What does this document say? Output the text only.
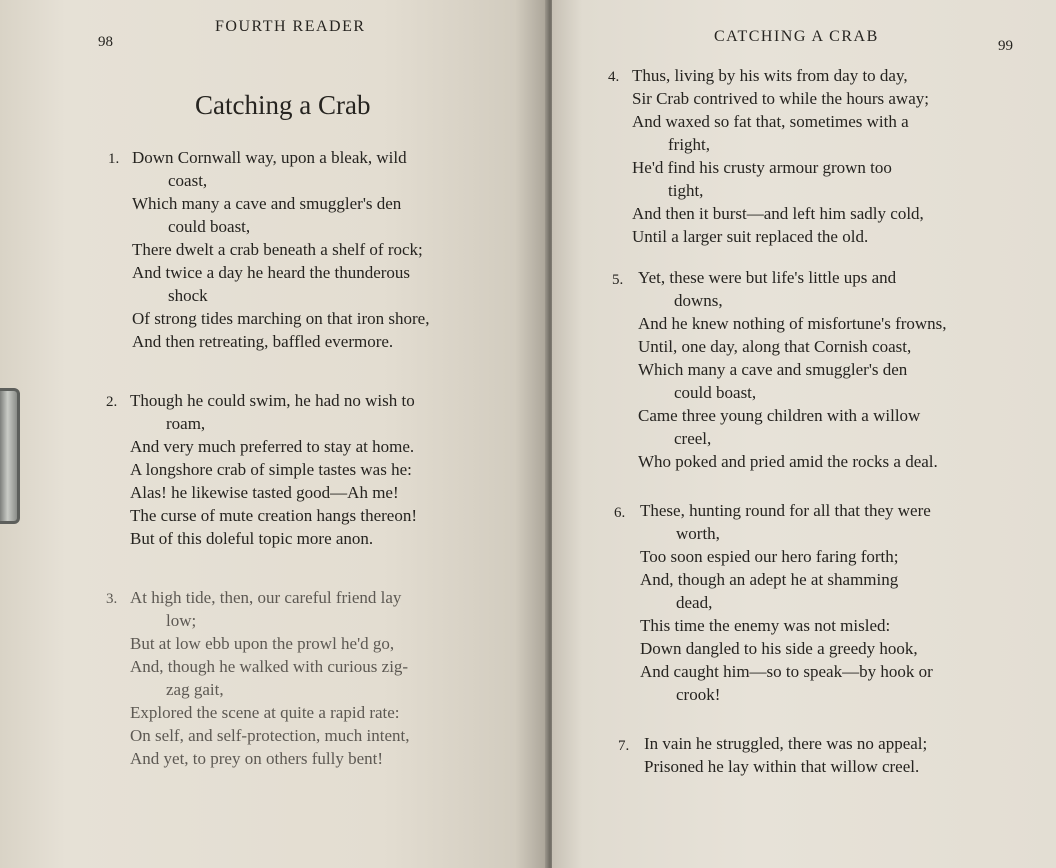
98
FOURTH READER
Catching a Crab
1. Down Cornwall way, upon a bleak, wild
coast,
Which many a cave and smuggler's den
could boast,
There dwelt a crab beneath a shelf of rock;
And twice a day he heard the thunderous
shock
Of strong tides marching on that iron shore,
And then retreating, baffled evermore.
2. Though he could swim, he had no wish to
roam,
And very much preferred to stay at home.
A longshore crab of simple tastes was he:
Alas! he likewise tasted good—Ah me!
The curse of mute creation hangs thereon!
But of this doleful topic more anon.
3. At high tide, then, our careful friend lay
low;
But at low ebb upon the prowl he'd go,
And, though he walked with curious zig-
zag gait,
Explored the scene at quite a rapid rate:
On self, and self-protection, much intent,
And yet, to prey on others fully bent!
CATCHING A CRAB
99
4. Thus, living by his wits from day to day,
Sir Crab contrived to while the hours away;
And waxed so fat that, sometimes with a
fright,
He'd find his crusty armour grown too
tight,
And then it burst—and left him sadly cold,
Until a larger suit replaced the old.
5. Yet, these were but life's little ups and
downs,
And he knew nothing of misfortune's frowns,
Until, one day, along that Cornish coast,
Which many a cave and smuggler's den
could boast,
Came three young children with a willow
creel,
Who poked and pried amid the rocks a deal.
6. These, hunting round for all that they were
worth,
Too soon espied our hero faring forth;
And, though an adept he at shamming
dead,
This time the enemy was not misled:
Down dangled to his side a greedy hook,
And caught him—so to speak—by hook or
crook!
7. In vain he struggled, there was no appeal;
Prisoned he lay within that willow creel.
